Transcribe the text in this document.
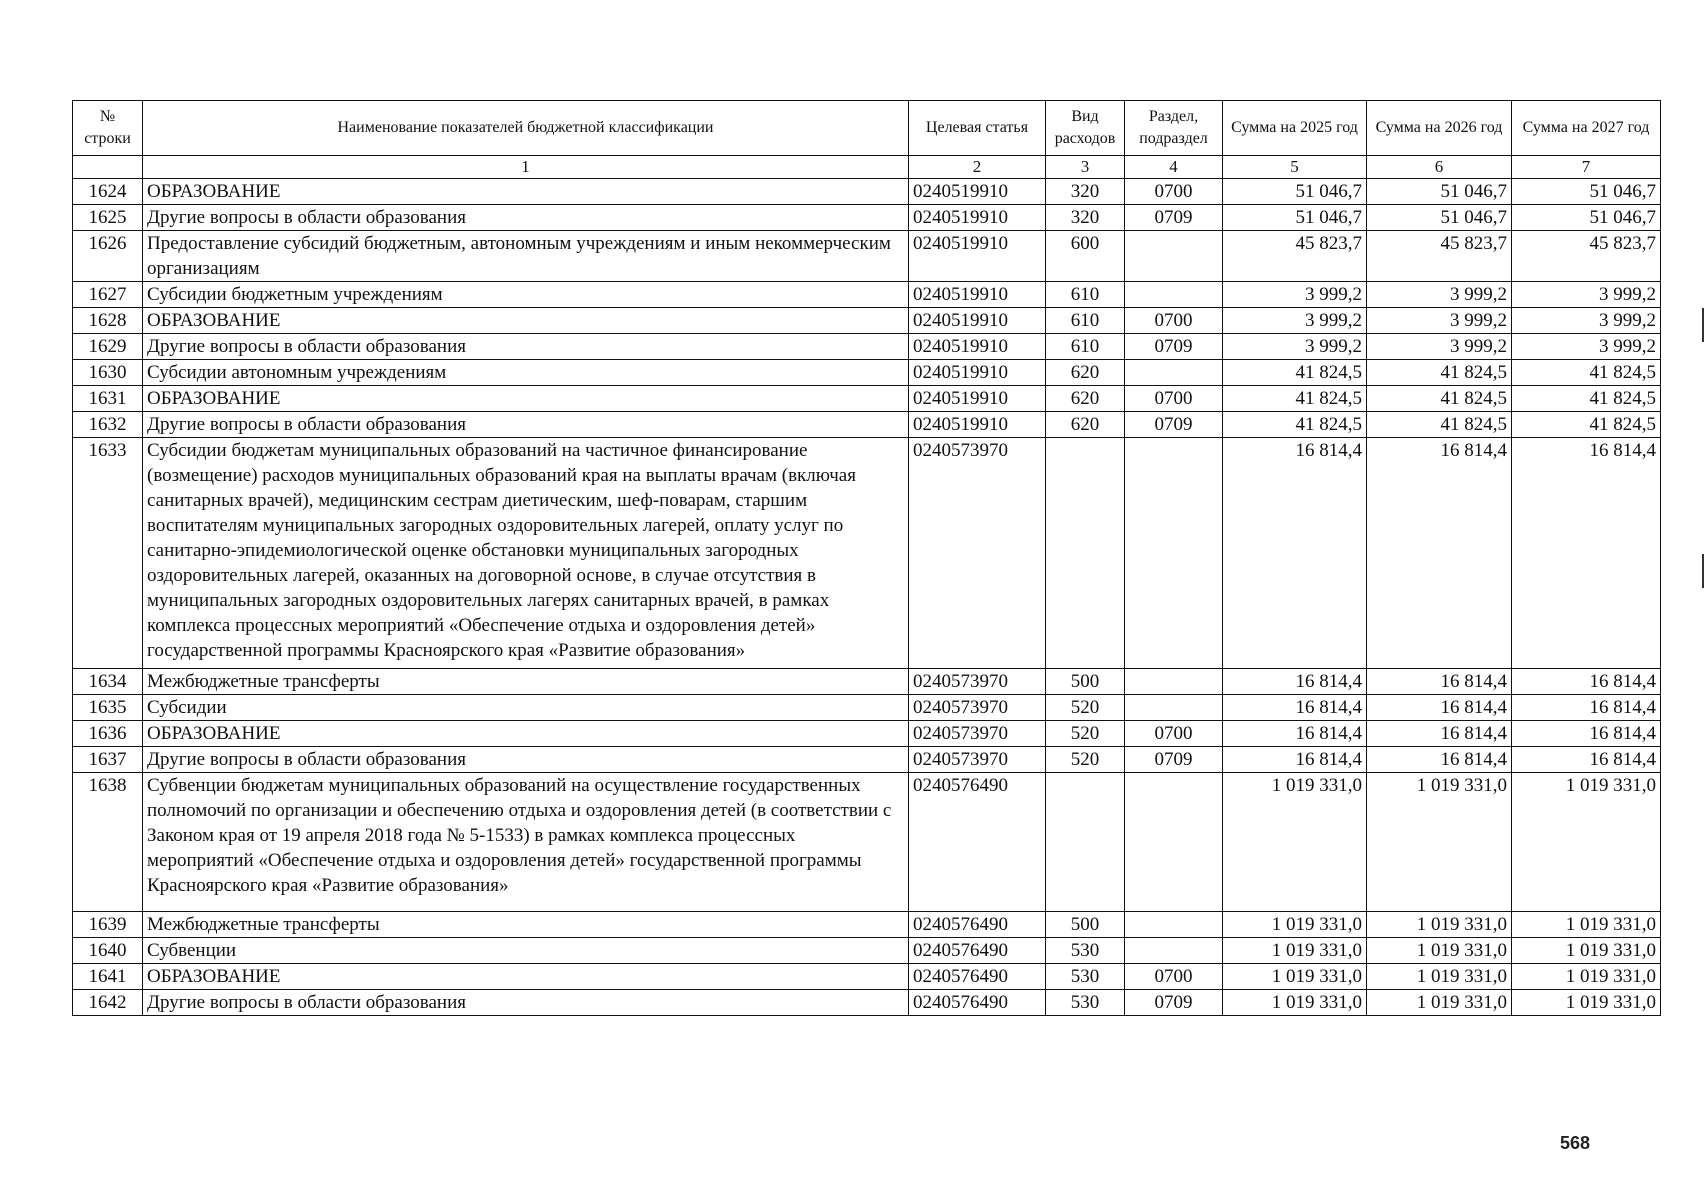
№ строки	Наименование показателей бюджетной классификации	Целевая статья	Вид расходов	Раздел, подраздел	Сумма на 2025 год	Сумма на 2026 год	Сумма на 2027 год
	1	2	3	4	5	6	7
1624	ОБРАЗОВАНИЕ	0240519910	320	0700	51 046,7	51 046,7	51 046,7
1625	Другие вопросы в области образования	0240519910	320	0709	51 046,7	51 046,7	51 046,7
1626	Предоставление субсидий бюджетным, автономным учреждениям и иным некоммерческим организациям	0240519910	600		45 823,7	45 823,7	45 823,7
1627	Субсидии бюджетным учреждениям	0240519910	610		3 999,2	3 999,2	3 999,2
1628	ОБРАЗОВАНИЕ	0240519910	610	0700	3 999,2	3 999,2	3 999,2
1629	Другие вопросы в области образования	0240519910	610	0709	3 999,2	3 999,2	3 999,2
1630	Субсидии автономным учреждениям	0240519910	620		41 824,5	41 824,5	41 824,5
1631	ОБРАЗОВАНИЕ	0240519910	620	0700	41 824,5	41 824,5	41 824,5
1632	Другие вопросы в области образования	0240519910	620	0709	41 824,5	41 824,5	41 824,5
1633	Субсидии бюджетам муниципальных образований на частичное финансирование (возмещение) расходов муниципальных образований края на выплаты врачам (включая санитарных врачей), медицинским сестрам диетическим, шеф-поварам, старшим воспитателям муниципальных загородных оздоровительных лагерей, оплату услуг по санитарно-эпидемиологической оценке обстановки муниципальных загородных оздоровительных лагерей, оказанных на договорной основе, в случае отсутствия в муниципальных загородных оздоровительных лагерях санитарных врачей, в рамках комплекса процессных мероприятий «Обеспечение отдыха и оздоровления детей» государственной программы Красноярского края «Развитие образования»	0240573970			16 814,4	16 814,4	16 814,4
1634	Межбюджетные трансферты	0240573970	500		16 814,4	16 814,4	16 814,4
1635	Субсидии	0240573970	520		16 814,4	16 814,4	16 814,4
1636	ОБРАЗОВАНИЕ	0240573970	520	0700	16 814,4	16 814,4	16 814,4
1637	Другие вопросы в области образования	0240573970	520	0709	16 814,4	16 814,4	16 814,4
1638	Субвенции бюджетам муниципальных образований на осуществление государственных полномочий по организации и обеспечению отдыха и оздоровления детей (в соответствии с Законом края от 19 апреля 2018 года № 5-1533) в рамках комплекса процессных мероприятий «Обеспечение отдыха и оздоровления детей» государственной программы Красноярского края «Развитие образования»	0240576490			1 019 331,0	1 019 331,0	1 019 331,0
1639	Межбюджетные трансферты	0240576490	500		1 019 331,0	1 019 331,0	1 019 331,0
1640	Субвенции	0240576490	530		1 019 331,0	1 019 331,0	1 019 331,0
1641	ОБРАЗОВАНИЕ	0240576490	530	0700	1 019 331,0	1 019 331,0	1 019 331,0
1642	Другие вопросы в области образования	0240576490	530	0709	1 019 331,0	1 019 331,0	1 019 331,0
568
